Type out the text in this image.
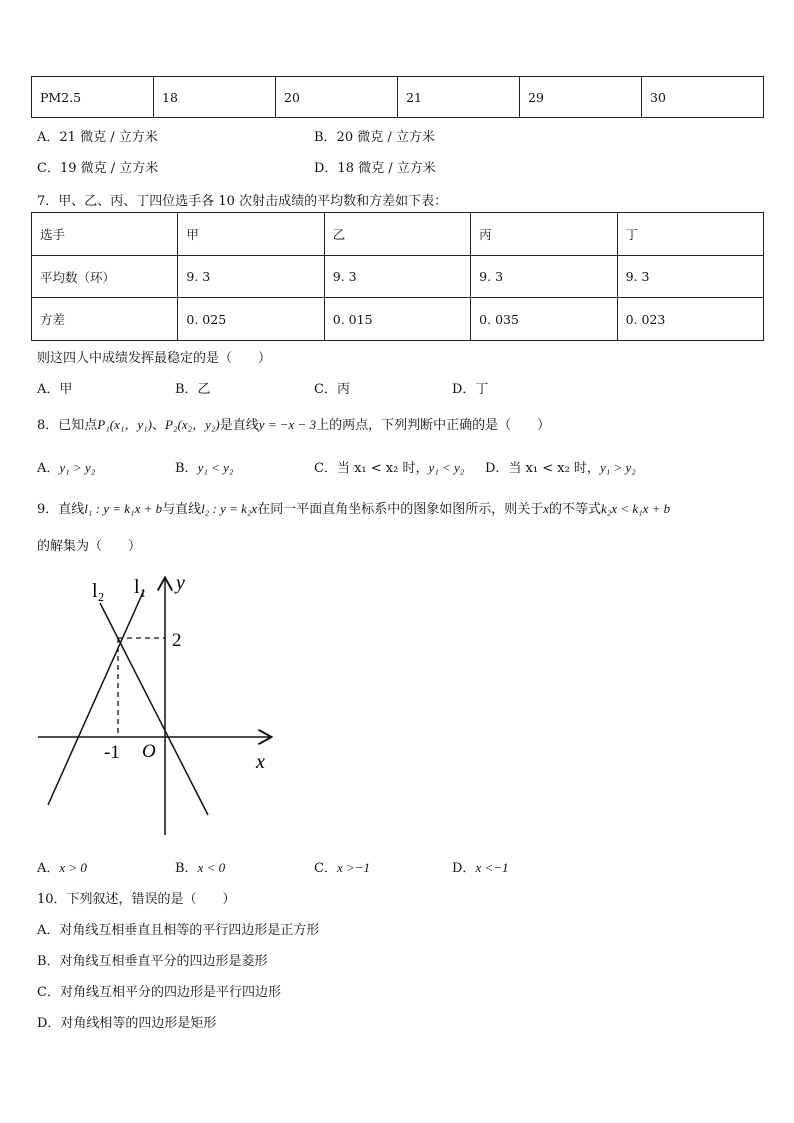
PM2.5	18	20	21	29	30
A．21 微克 / 立方米	B．20 微克 / 立方米
C．19 微克 / 立方米	D．18 微克 / 立方米
7．甲、乙、丙、丁四位选手各 10 次射击成绩的平均数和方差如下表：
选手	甲	乙	丙	丁
平均数（环）	9. 3	9. 3	9. 3	9. 3
方差	0. 025	0. 015	0. 035	0. 023
则这四人中成绩发挥最稳定的是（　　）
A．甲	B．乙	C．丙	D．丁
8．已知点P₁(x₁，y₁)、P₂(x₂，y₂)是直线y = −x − 3上的两点，下列判断中正确的是（　　）
A．y₁ > y₂	B．y₁ < y₂	C．当 x₁ < x₂ 时，y₁ < y₂ D．当 x₁ < x₂ 时，y₁ > y₂
9．直线l₁ : y = k₁x + b与直线l₂ : y = k₂x在同一平面直角坐标系中的图象如图所示，则关于x的不等式k₂x < k₁x + b
的解集为（　　）
l₂ l₁ y
x
2
-1 O
A．x > 0	B．x < 0	C．x >−1	D．x <−1
10．下列叙述，错误的是（　　）
A．对角线互相垂直且相等的平行四边形是正方形
B．对角线互相垂直平分的四边形是菱形
C．对角线互相平分的四边形是平行四边形
D．对角线相等的四边形是矩形
